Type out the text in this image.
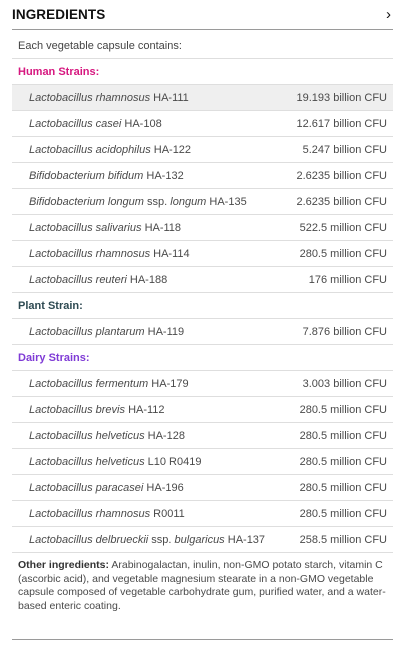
INGREDIENTS	›
Each vegetable capsule contains:
Human Strains:
Lactobacillus rhamnosus HA-111	19.193 billion CFU
Lactobacillus casei HA-108	12.617 billion CFU
Lactobacillus acidophilus HA-122	5.247 billion CFU
Bifidobacterium bifidum HA-132	2.6235 billion CFU
Bifidobacterium longum ssp. longum HA-135	2.6235 billion CFU
Lactobacillus salivarius HA-118	522.5 million CFU
Lactobacillus rhamnosus HA-114	280.5 million CFU
Lactobacillus reuteri HA-188	176 million CFU
Plant Strain:
Lactobacillus plantarum HA-119	7.876 billion CFU
Dairy Strains:
Lactobacillus fermentum HA-179	3.003 billion CFU
Lactobacillus brevis HA-112	280.5 million CFU
Lactobacillus helveticus HA-128	280.5 million CFU
Lactobacillus helveticus L10 R0419	280.5 million CFU
Lactobacillus paracasei HA-196	280.5 million CFU
Lactobacillus rhamnosus R0011	280.5 million CFU
Lactobacillus delbrueckii ssp. bulgaricus HA-137	258.5 million CFU
Other ingredients: Arabinogalactan, inulin, non-GMO potato starch, vitamin C (ascorbic acid), and vegetable magnesium stearate in a non-GMO vegetable capsule composed of vegetable carbohydrate gum, purified water, and a water-based enteric coating.
